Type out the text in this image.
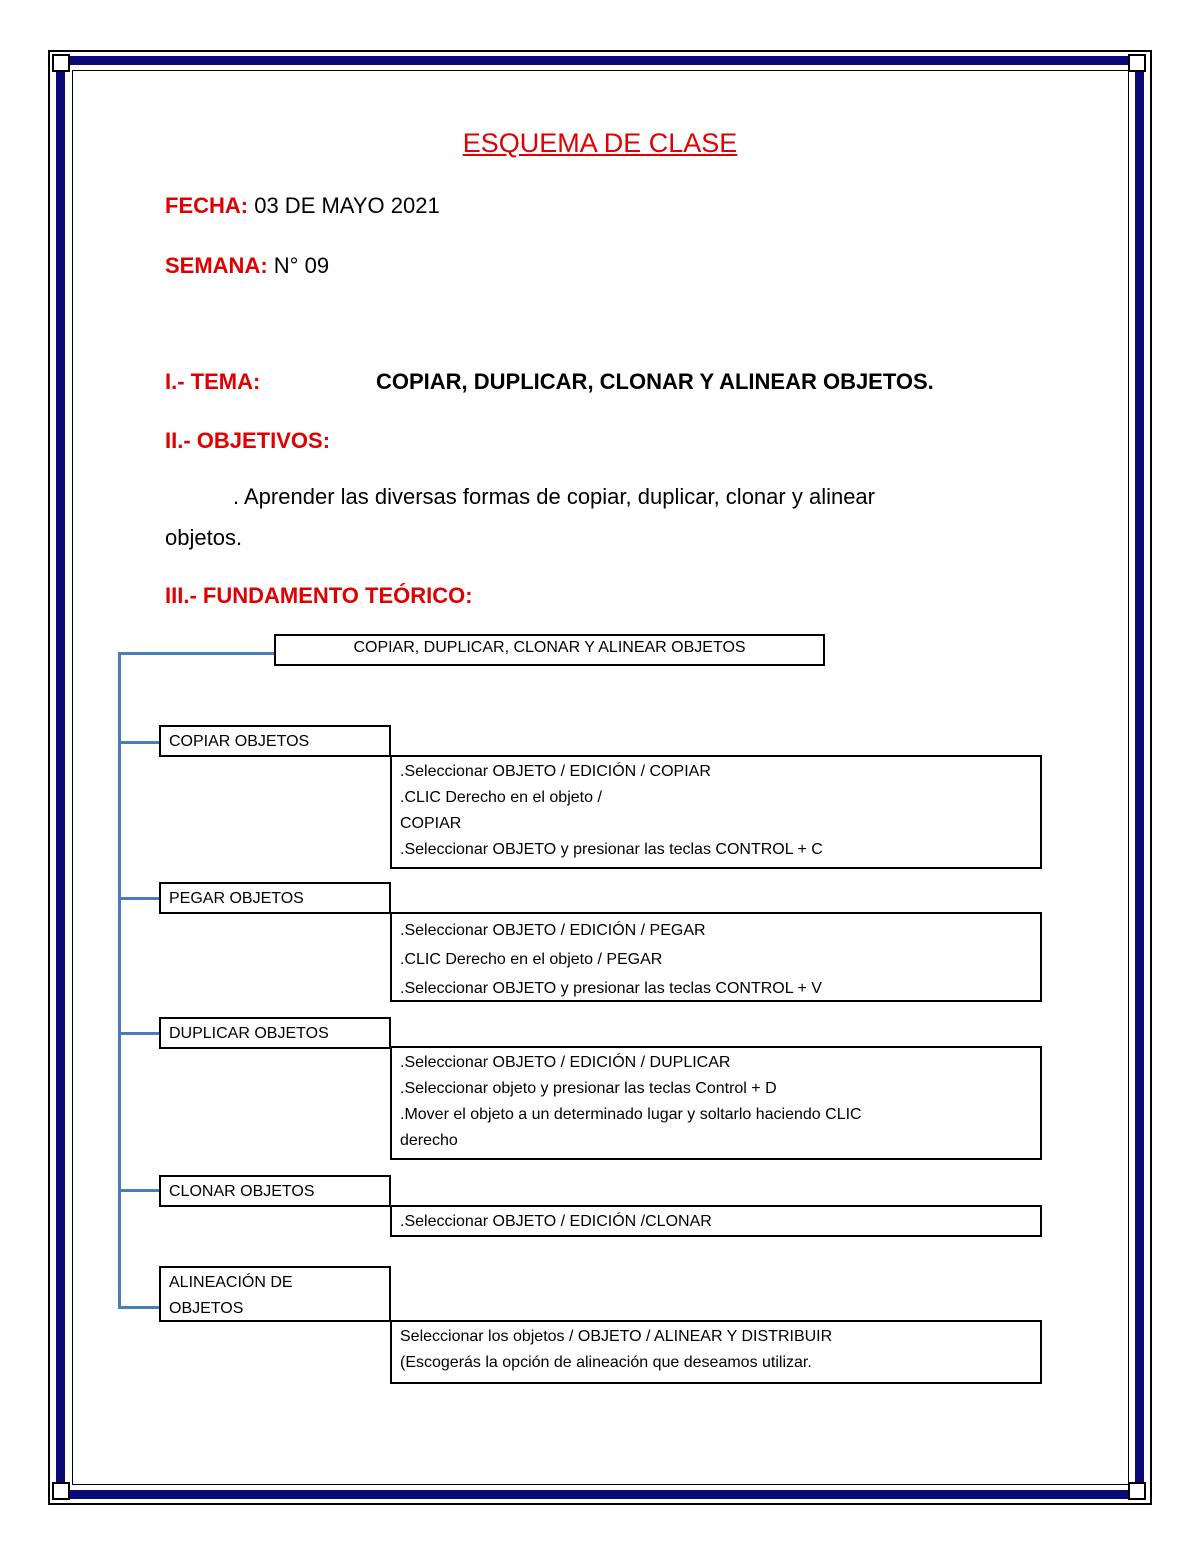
ESQUEMA DE CLASE
FECHA: 03 DE MAYO 2021
SEMANA: N° 09
I.- TEMA:	COPIAR, DUPLICAR, CLONAR Y ALINEAR OBJETOS.
II.- OBJETIVOS:
. Aprender las diversas formas de copiar, duplicar, clonar y alinear
objetos.
III.- FUNDAMENTO TEÓRICO:
COPIAR, DUPLICAR, CLONAR Y ALINEAR OBJETOS
COPIAR OBJETOS
.Seleccionar OBJETO / EDICIÓN / COPIAR
.CLIC Derecho en el objeto /
COPIAR
.Seleccionar OBJETO y presionar las teclas CONTROL + C
PEGAR OBJETOS
.Seleccionar OBJETO / EDICIÓN / PEGAR
.CLIC Derecho en el objeto / PEGAR
.Seleccionar OBJETO y presionar las teclas CONTROL + V
DUPLICAR OBJETOS
.Seleccionar OBJETO / EDICIÓN / DUPLICAR
.Seleccionar objeto y presionar las teclas Control + D
.Mover el objeto a un determinado lugar y soltarlo haciendo CLIC
derecho
CLONAR OBJETOS
.Seleccionar OBJETO / EDICIÓN /CLONAR
ALINEACIÓN DE
OBJETOS
Seleccionar los objetos / OBJETO / ALINEAR Y DISTRIBUIR
(Escogerás la opción de alineación que deseamos utilizar.
